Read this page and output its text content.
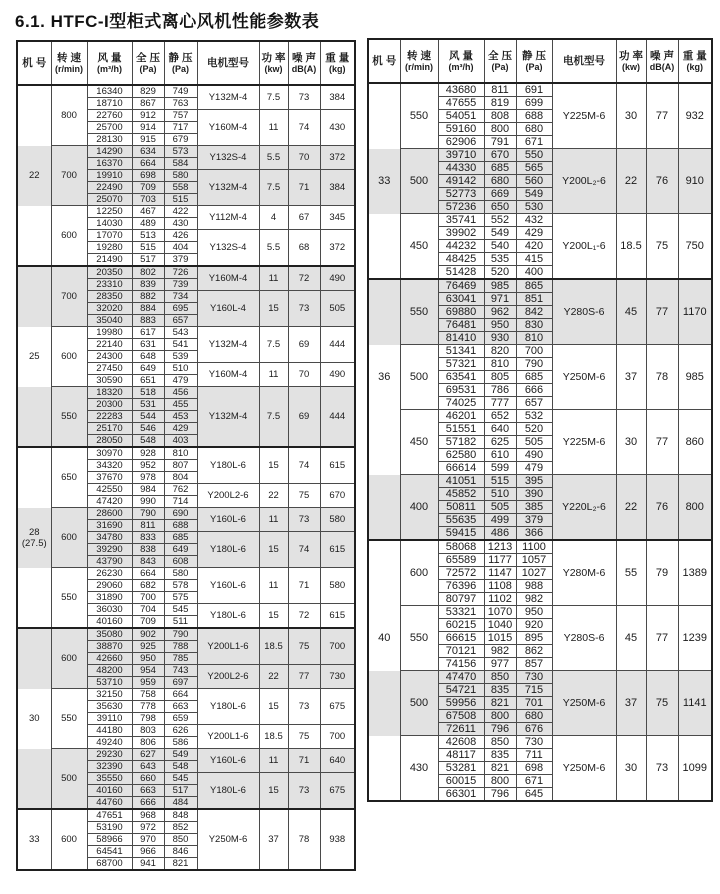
6.1. HTFC-I型柜式离心风机性能参数表
机 号	转 速
(r/min)

风 量
(m³/h)

全 压
(Pa)

静 压
(Pa)	电机型号	功 率
(kw)

噪 声
dB(A)

重 量
(kg)

	800	16340	829	749	Y132M-4	7.5	73	384
		18710	867	763				
		22760	912	757	Y160M-4	11	74	430
		25700	914	717				
		28130	915	679				

22	700	14290	634	573	Y132S-4	5.5	70	372
		16370	664	584				
		19910	698	580	Y132M-4	7.5	71	384
		22490	709	558				
		25070	703	515				
	600	12250	467	422	Y112M-4	4	67	345
		14030	489	430				
		17070	513	426	Y132S-4	5.5	68	372
		19280	515	404				
		21490	517	379				
	700	20350	802	726	Y160M-4	11	72	490
		23310	839	739				
		28350	882	734	Y160L-4	15	73	505
		32020	884	695				
		35040	883	657				

25	600	19980	617	543	Y132M-4	7.5	69	444
		22140	631	541				
		24300	648	539				
		27450	649	510	Y160M-4	11	70	490
		30590	651	479				
	550	18320	518	456	Y132M-4	7.5	69	444
		20300	531	455				
		22283	544	453				
		25170	546	429				
		28050	548	403				
	650	30970	928	810	Y180L-6	15	74	615
		34320	952	807				
		37670	978	804				
		42550	984	762	Y200L2-6	22	75	670
		47420	990	714				

28
(27.5)	600	28600	790	690	Y160L-6	11	73	580
		31690	811	688				
		34780	833	685	Y180L-6	15	74	615
		39290	838	649				
		43790	843	608				
	550	26230	664	580	Y160L-6	11	71	580
		29060	682	578				
		31890	700	575				
		36030	704	545	Y180L-6	15	72	615
		40160	709	511				
	600	35080	902	790	Y200L1-6	18.5	75	700
		38870	925	788				
		42660	950	785				
		48200	954	743	Y200L2-6	22	77	730
		53710	959	697				

30	550	32150	758	664	Y180L-6	15	73	675
		35630	778	663				
		39110	798	659				
		44180	803	626	Y200L1-6	18.5	75	700
		49240	806	586				
	500	29230	627	549	Y160L-6	11	71	640
		32390	643	548				
		35550	660	545	Y180L-6	15	73	675
		40160	663	517				
		44760	666	484				

33	600	47651	968	848	Y250M-6	37	78	938
		53190	972	852				
		58966	970	850				
		64541	966	846				
		68700	941	821				
机 号	转 速
(r/min)

风 量
(m³/h)

全 压
(Pa)

静 压
(Pa)	电机型号	功 率
(kw)

噪 声
dB(A)

重 量
(kg)

	550	43680	811	691	Y225M-6	30	77	932
		47655	819	699				
		54051	808	688				
		59160	800	680				
		62906	791	671				

33	500	39710	670	550	Y200L₂-6	22	76	910
		44330	685	565				
		49142	680	560				
		52773	669	549				
		57236	650	530				
	450	35741	552	432	Y200L₁-6	18.5	75	750
		39902	549	429				
		44232	540	420				
		48425	535	415				
		51428	520	400				
	550	76469	985	865	Y280S-6	45	77	1170
		63041	971	851				
		69880	962	842				
		76481	950	830				
		81410	930	810				

36	500	51341	820	700	Y250M-6	37	78	985
		57321	810	790				
		63541	805	685				
		69531	786	666				
		74025	777	657				
	450	46201	652	532	Y225M-6	30	77	860
		51551	640	520				
		57182	625	505				
		62580	610	490				
		66614	599	479				
	400	41051	515	395	Y220L₂-6	22	76	800
		45852	510	390				
		50811	505	385				
		55635	499	379				
		59415	486	366				
	600	58068	1213	1100	Y280M-6	55	79	1389
		65589	1177	1057				
		72572	1147	1027				
		76396	1108	988				
		80797	1102	982				

40	550	53321	1070	950	Y280S-6	45	77	1239
		60215	1040	920				
		66615	1015	895				
		70121	982	862				
		74156	977	857				
	500	47470	850	730	Y250M-6	37	75	1141
		54721	835	715				
		59956	821	701				
		67508	800	680				
		72611	796	676				
	430	42608	850	730	Y250M-6	30	73	1099
		48117	835	711				
		53281	821	698				
		60015	800	671				
		66301	796	645				
